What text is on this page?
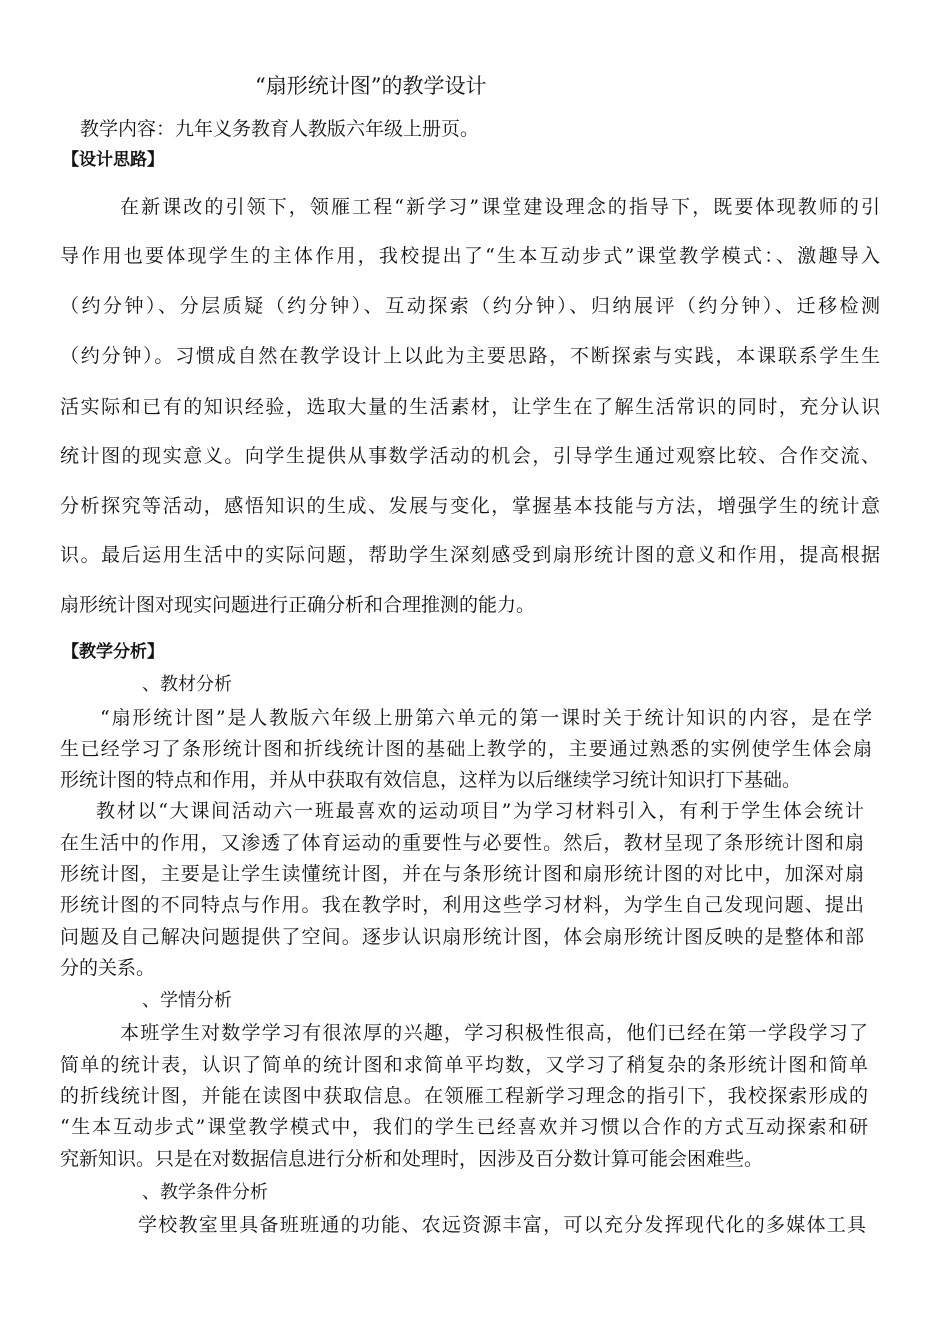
“扇形统计图”的教学设计
教学内容：九年义务教育人教版六年级上册页。
【设计思路】
在新课改的引领下，领雁工程“新学习”课堂建设理念的指导下，既要体现教师的引
导作用也要体现学生的主体作用，我校提出了“生本互动步式”课堂教学模式：、激趣导入
（约分钟）、分层质疑（约分钟）、互动探索（约分钟）、归纳展评（约分钟）、迁移检测
（约分钟）。习惯成自然在教学设计上以此为主要思路，不断探索与实践，本课联系学生生
活实际和已有的知识经验，选取大量的生活素材，让学生在了解生活常识的同时，充分认识
统计图的现实意义。向学生提供从事数学活动的机会，引导学生通过观察比较、合作交流、
分析探究等活动，感悟知识的生成、发展与变化，掌握基本技能与方法，增强学生的统计意
识。最后运用生活中的实际问题，帮助学生深刻感受到扇形统计图的意义和作用，提高根据
扇形统计图对现实问题进行正确分析和合理推测的能力。
【教学分析】
、教材分析
“扇形统计图”是人教版六年级上册第六单元的第一课时关于统计知识的内容，是在学
生已经学习了条形统计图和折线统计图的基础上教学的，主要通过熟悉的实例使学生体会扇
形统计图的特点和作用，并从中获取有效信息，这样为以后继续学习统计知识打下基础。
教材以“大课间活动六一班最喜欢的运动项目”为学习材料引入，有利于学生体会统计
在生活中的作用，又渗透了体育运动的重要性与必要性。然后，教材呈现了条形统计图和扇
形统计图，主要是让学生读懂统计图，并在与条形统计图和扇形统计图的对比中，加深对扇
形统计图的不同特点与作用。我在教学时，利用这些学习材料，为学生自己发现问题、提出
问题及自己解决问题提供了空间。逐步认识扇形统计图，体会扇形统计图反映的是整体和部
分的关系。
、学情分析
本班学生对数学学习有很浓厚的兴趣，学习积极性很高，他们已经在第一学段学习了
简单的统计表，认识了简单的统计图和求简单平均数，又学习了稍复杂的条形统计图和简单
的折线统计图，并能在读图中获取信息。在领雁工程新学习理念的指引下，我校探索形成的
“生本互动步式”课堂教学模式中，我们的学生已经喜欢并习惯以合作的方式互动探索和研
究新知识。只是在对数据信息进行分析和处理时，因涉及百分数计算可能会困难些。
、教学条件分析
学校教室里具备班班通的功能、农远资源丰富，可以充分发挥现代化的多媒体工具
